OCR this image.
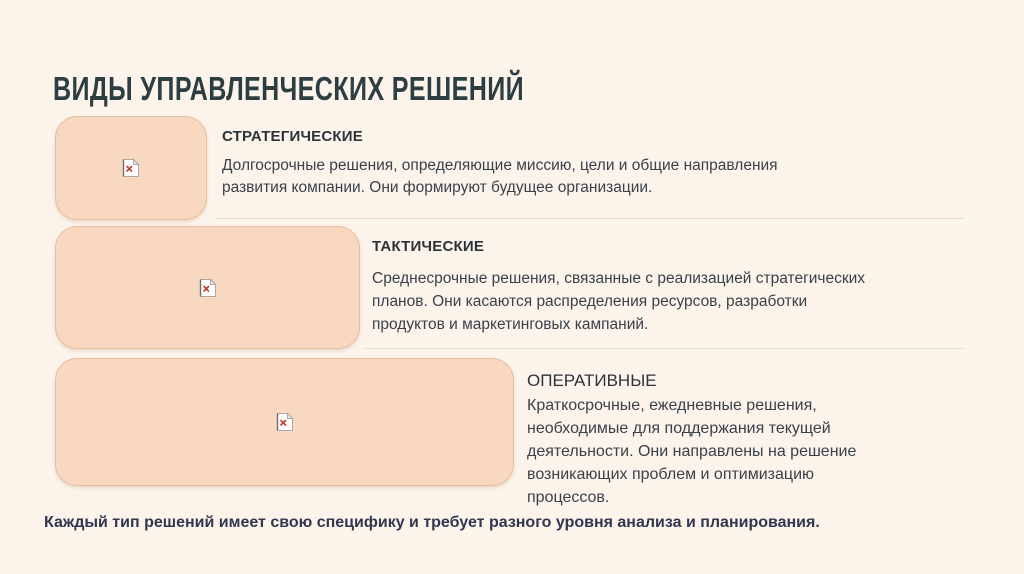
ВИДЫ УПРАВЛЕНЧЕСКИХ РЕШЕНИЙ
СТРАТЕГИЧЕСКИЕ

Долгосрочные решения, определяющие миссию, цели и общие направления развития компании. Они формируют будущее организации.

ТАКТИЧЕСКИЕ

Среднесрочные решения, связанные с реализацией стратегических планов. Они касаются распределения ресурсов, разработки продуктов и маркетинговых кампаний.

ОПЕРАТИВНЫЕ

Краткосрочные, ежедневные решения, необходимые для поддержания текущей деятельности. Они направлены на решение возникающих проблем и оптимизацию процессов.

Каждый тип решений имеет свою специфику и требует разного уровня анализа и планирования.
